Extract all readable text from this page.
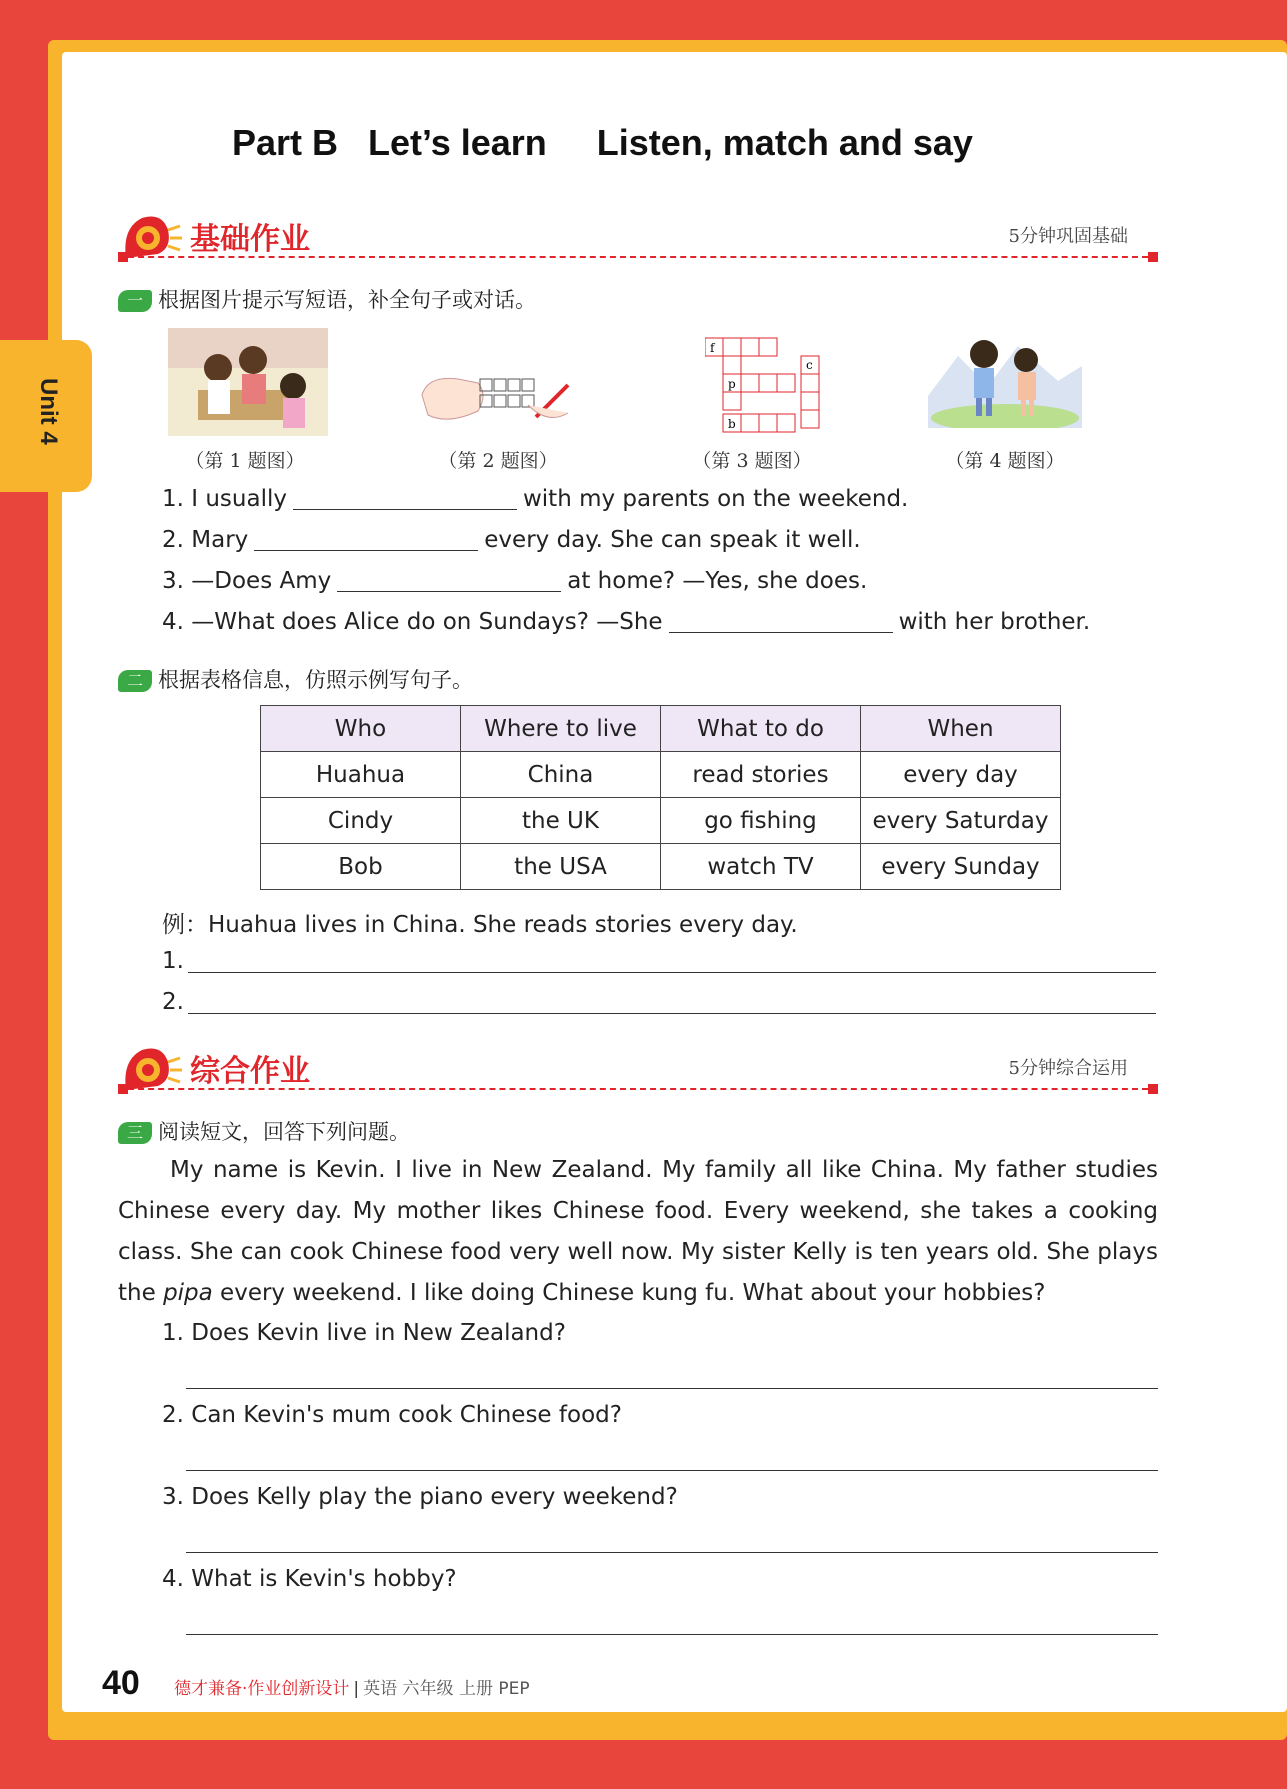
Unit 4
Part B   Let’s learn     Listen, match and say
基础作业	5分钟巩固基础
一 根据图片提示写短语，补全句子或对话。
f
c
p
b
（第 1 题图）	（第 2 题图）	（第 3 题图）	（第 4 题图）
1. I usually	with my parents on the weekend.
2. Mary	every day. She can speak it well.
3. —Does Amy	at home? —Yes, she does.
4. —What does Alice do on Sundays? —She	with her brother.
二 根据表格信息，仿照示例写句子。
Who	Where to live	What to do	When
Huahua	China	read stories	every day
Cindy	the UK	go fishing	every Saturday
Bob	the USA	watch TV	every Sunday
例：Huahua lives in China. She reads stories every day.
1.
2.
综合作业	5分钟综合运用
三 阅读短文，回答下列问题。

My name is Kevin. I live in New Zealand. My family all like China. My father studies Chinese every day. My mother likes Chinese food. Every weekend, she takes a cooking class. She can cook Chinese food very well now. My sister Kelly is ten years old. She plays the pipa every weekend. I like doing Chinese kung fu. What about your hobbies?

1. Does Kevin live in New Zealand?
2. Can Kevin's mum cook Chinese food?
3. Does Kelly play the piano every weekend?
4. What is Kevin's hobby?
40 德才兼备·作业创新设计 | 英语 六年级 上册 PEP
